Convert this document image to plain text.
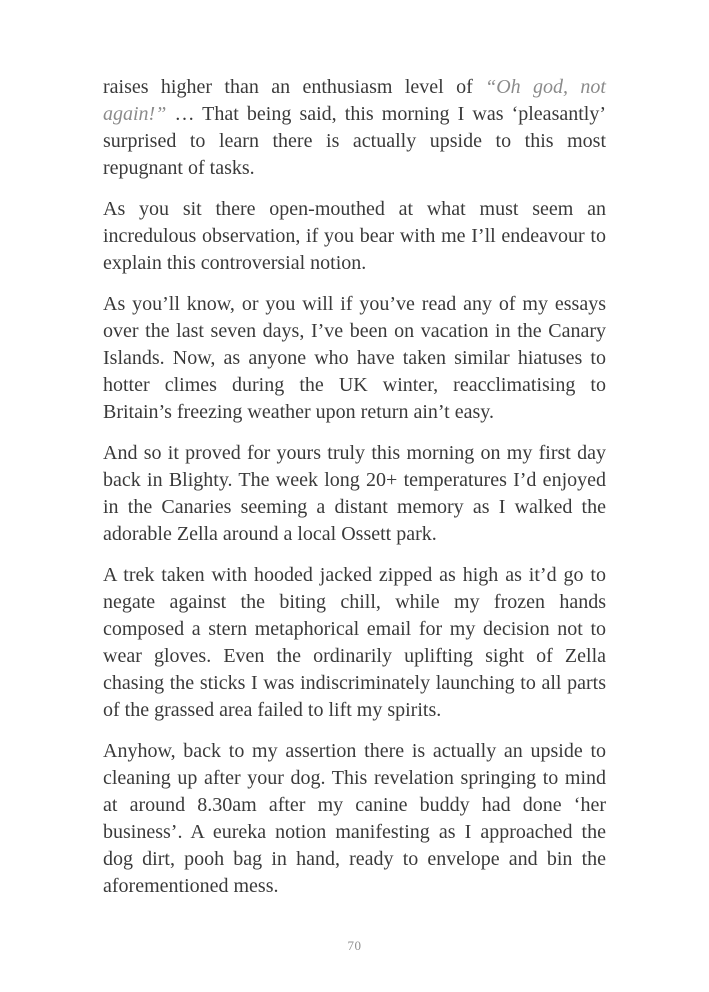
raises higher than an enthusiasm level of “Oh god, not again!” … That being said, this morning I was ‘pleasantly’ surprised to learn there is actually upside to this most repugnant of tasks.

As you sit there open-mouthed at what must seem an incredulous observation, if you bear with me I’ll endeavour to explain this controversial notion.

As you’ll know, or you will if you’ve read any of my essays over the last seven days, I’ve been on vacation in the Canary Islands. Now, as anyone who have taken similar hiatuses to hotter climes during the UK winter, reacclimatising to Britain’s freezing weather upon return ain’t easy.

And so it proved for yours truly this morning on my first day back in Blighty. The week long 20+ temperatures I’d enjoyed in the Canaries seeming a distant memory as I walked the adorable Zella around a local Ossett park.

A trek taken with hooded jacked zipped as high as it’d go to negate against the biting chill, while my frozen hands composed a stern metaphorical email for my decision not to wear gloves. Even the ordinarily uplifting sight of Zella chasing the sticks I was indiscriminately launching to all parts of the grassed area failed to lift my spirits.

Anyhow, back to my assertion there is actually an upside to cleaning up after your dog. This revelation springing to mind at around 8.30am after my canine buddy had done ‘her business’. A eureka notion manifesting as I approached the dog dirt, pooh bag in hand, ready to envelope and bin the aforementioned mess.

70
